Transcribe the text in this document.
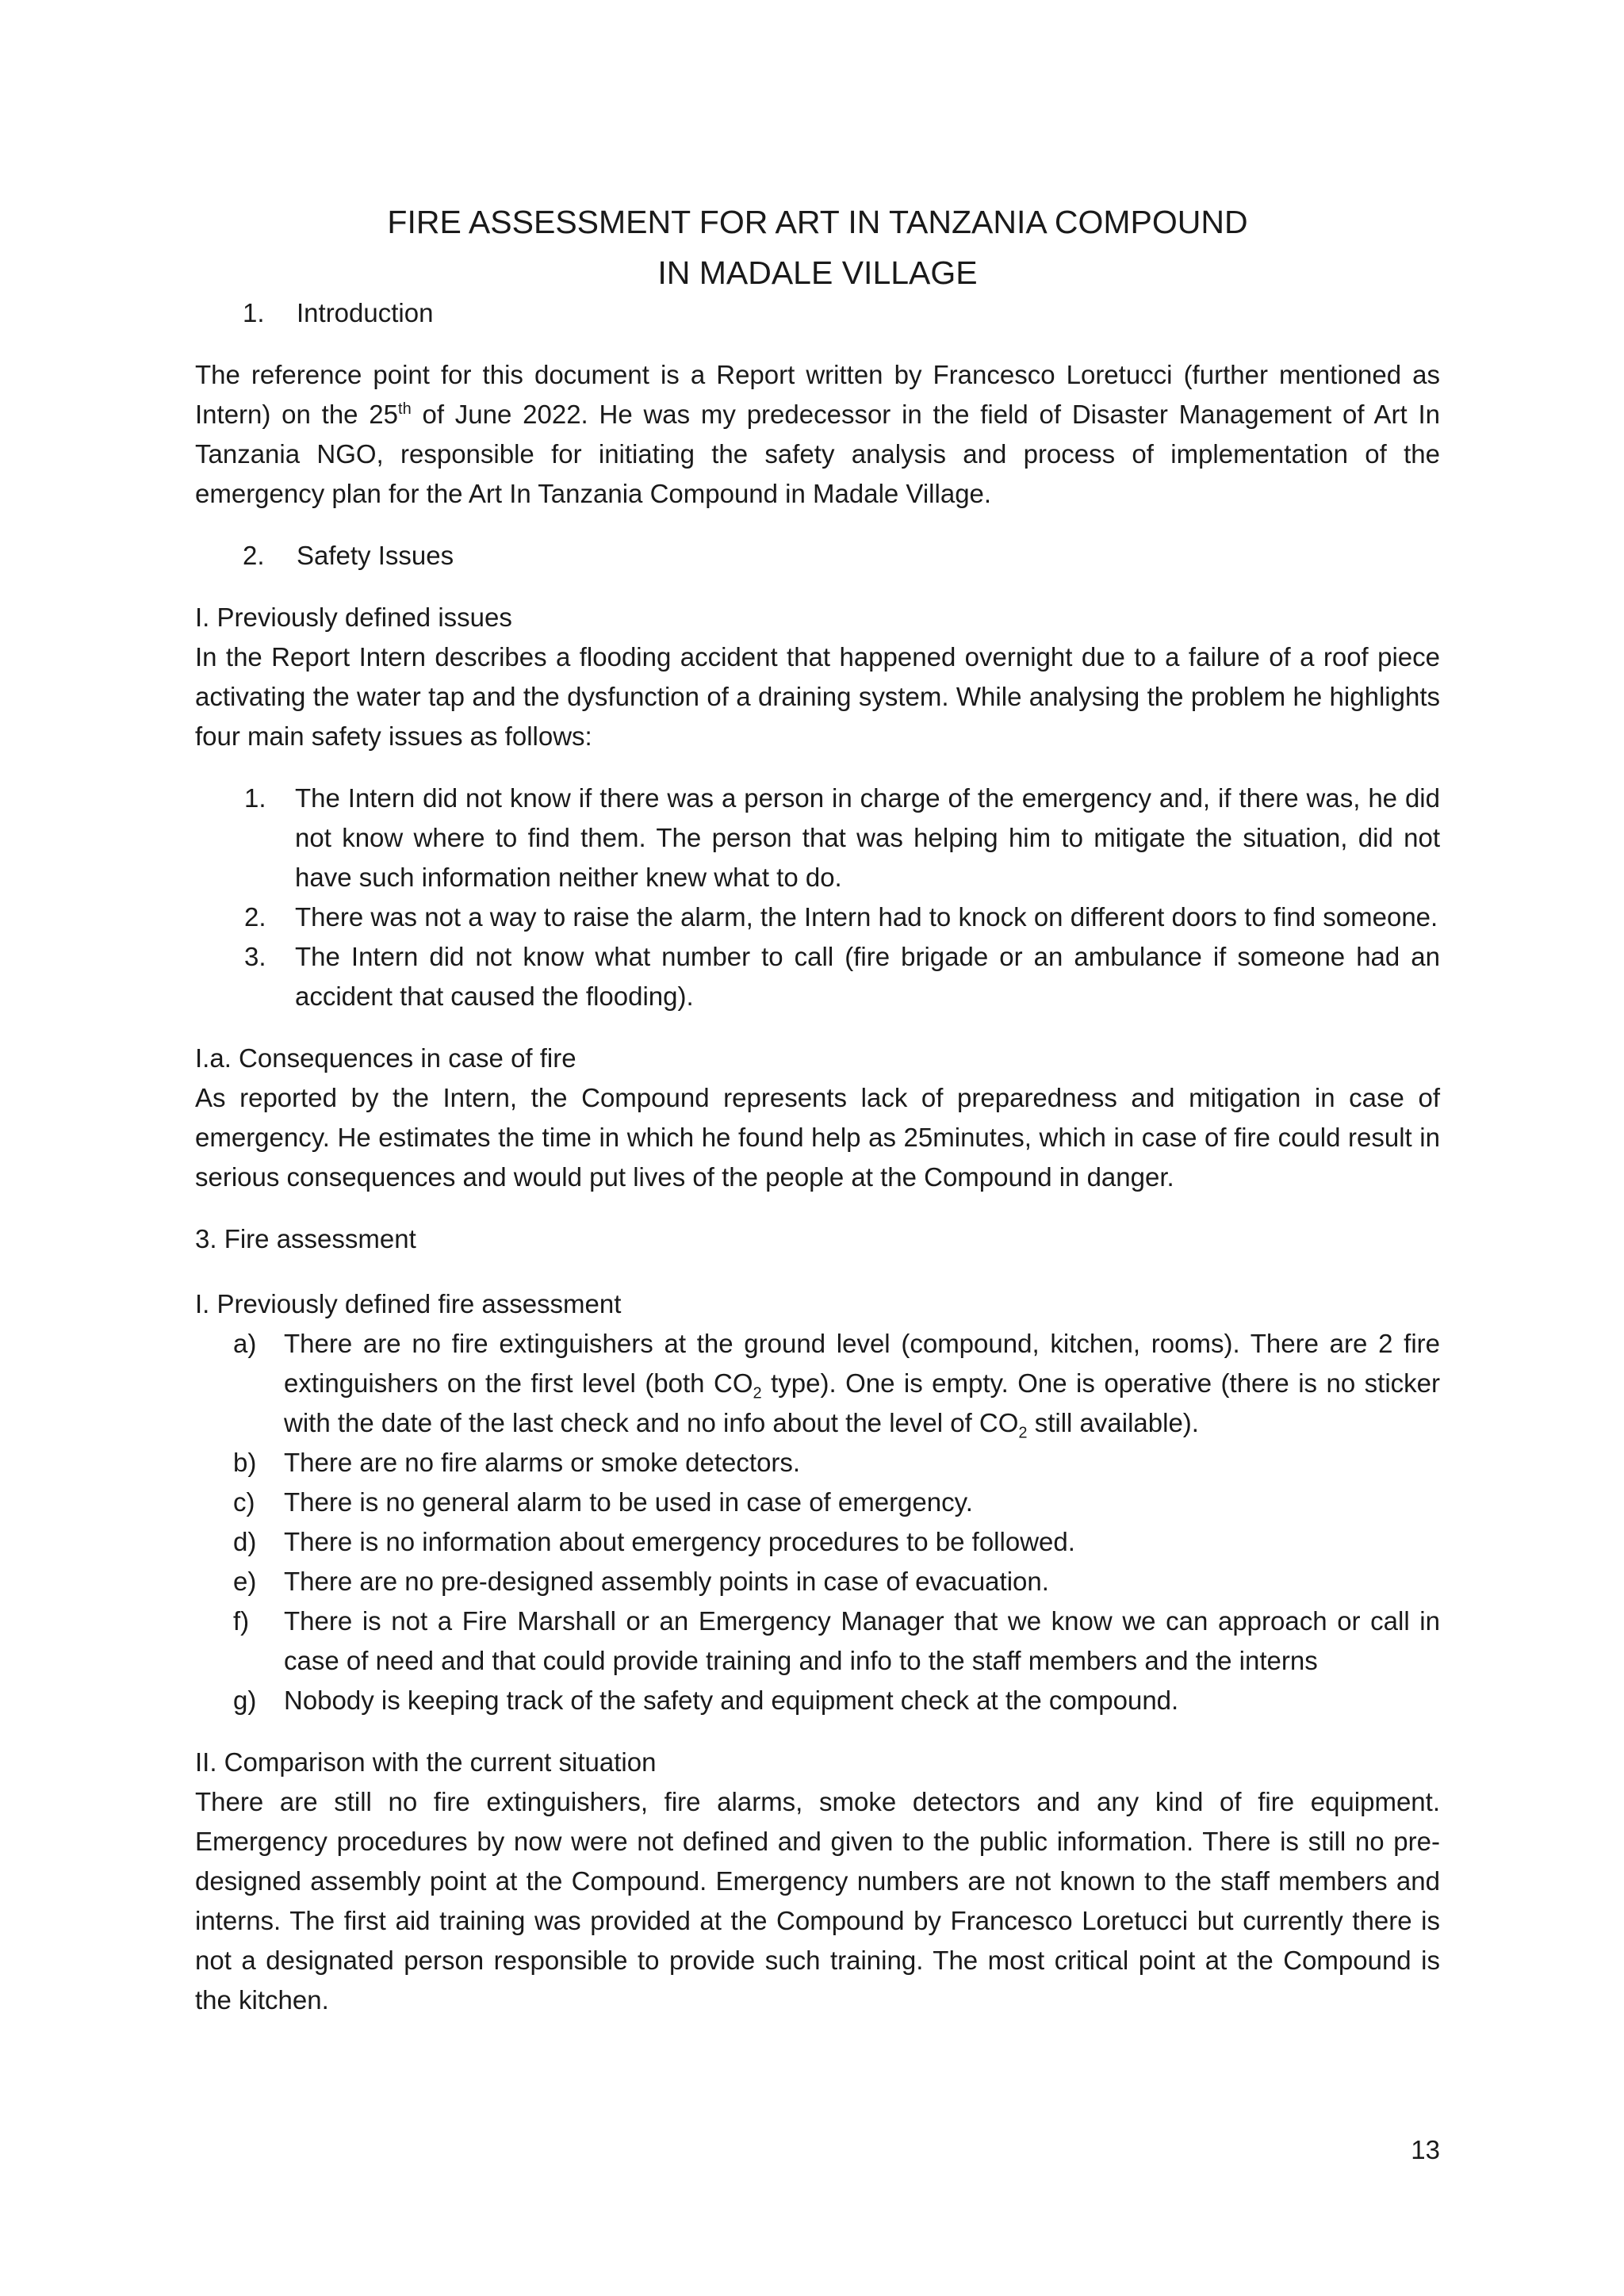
FIRE ASSESSMENT FOR ART IN TANZANIA COMPOUND
IN MADALE VILLAGE
1.	Introduction

The reference point for this document is a Report written by Francesco Loretucci (further mentioned as Intern) on the 25th of June 2022. He was my predecessor in the field of Disaster Management of Art In Tanzania NGO, responsible for initiating the safety analysis and process of implementation of the emergency plan for the Art In Tanzania Compound in Madale Village.

2.	Safety Issues

I. Previously defined issues

In the Report Intern describes a flooding accident that happened overnight due to a failure of a roof piece activating the water tap and the dysfunction of a draining system. While analysing the problem he highlights four main safety issues as follows:

1.	The Intern did not know if there was a person in charge of the emergency and, if there was, he did not know where to find them. The person that was helping him to mitigate the situation, did not have such information neither knew what to do.
2.	There was not a way to raise the alarm, the Intern had to knock on different doors to find someone.
3.	The Intern did not know what number to call (fire brigade or an ambulance if someone had an accident that caused the flooding).

I.a. Consequences in case of fire

As reported by the Intern, the Compound represents lack of preparedness and mitigation in case of emergency. He estimates the time in which he found help as 25minutes, which in case of fire could result in serious consequences and would put lives of the people at the Compound in danger.

3. Fire assessment

I. Previously defined fire assessment

a)	There are no fire extinguishers at the ground level (compound, kitchen, rooms). There are 2 fire extinguishers on the first level (both $CO_2$ type). One is empty. One is operative (there is no sticker with the date of the last check and no info about the level of $CO_2$ still available).
b)	There are no fire alarms or smoke detectors.
c)	There is no general alarm to be used in case of emergency.
d)	There is no information about emergency procedures to be followed.
e)	There are no pre-designed assembly points in case of evacuation.
f)	There is not a Fire Marshall or an Emergency Manager that we know we can approach or call in case of need and that could provide training and info to the staff members and the interns
g)	Nobody is keeping track of the safety and equipment check at the compound.

II. Comparison with the current situation

There are still no fire extinguishers, fire alarms, smoke detectors and any kind of fire equipment. Emergency procedures by now were not defined and given to the public information. There is still no pre-designed assembly point at the Compound. Emergency numbers are not known to the staff members and interns. The first aid training was provided at the Compound by Francesco Loretucci but currently there is not a designated person responsible to provide such training. The most critical point at the Compound is the kitchen.

13
